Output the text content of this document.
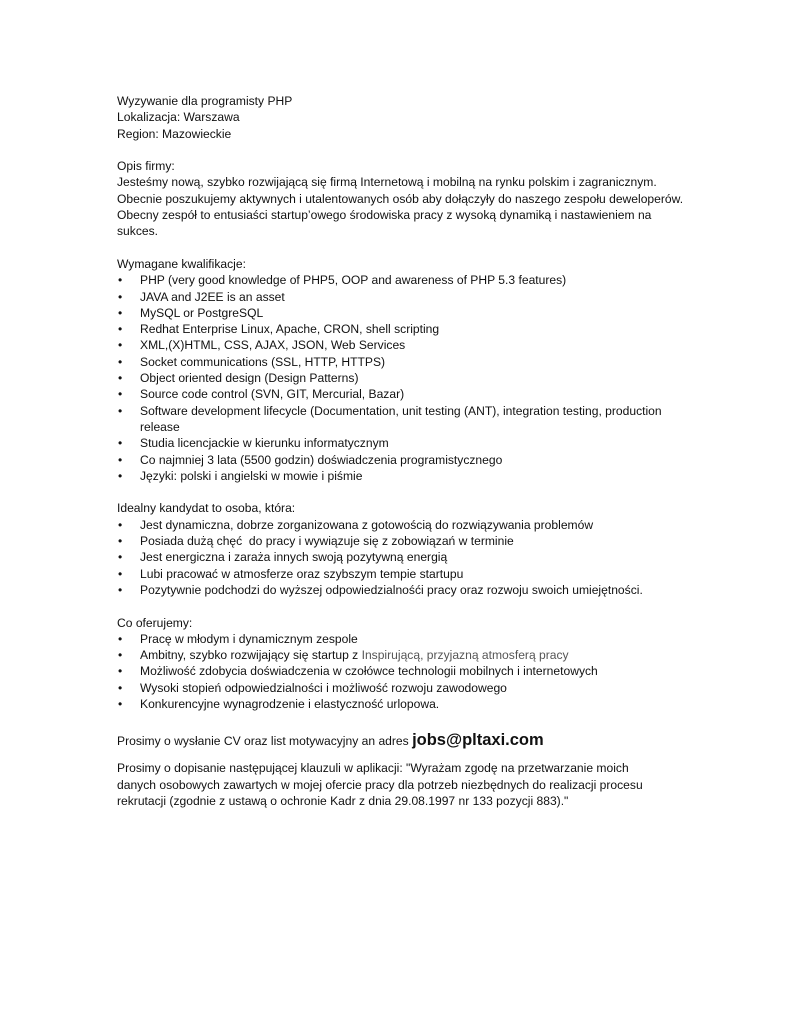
Wyzywanie dla programisty PHP
Lokalizacja: Warszawa
Region: Mazowieckie
Opis firmy:
Jesteśmy nową, szybko rozwijającą się firmą Internetową i mobilną na rynku polskim i zagranicznym.
Obecnie poszukujemy aktywnych i utalentowanych osób aby dołączyły do naszego zespołu deweloperów.
Obecny zespół to entusiaści startup’owego środowiska pracy z wysoką dynamiką i nastawieniem na
sukces.
Wymagane kwalifikacje:
• PHP (very good knowledge of PHP5, OOP and awareness of PHP 5.3 features)
• JAVA and J2EE is an asset
• MySQL or PostgreSQL
• Redhat Enterprise Linux, Apache, CRON, shell scripting
• XML,(X)HTML, CSS, AJAX, JSON, Web Services
• Socket communications (SSL, HTTP, HTTPS)
• Object oriented design (Design Patterns)
• Source code control (SVN, GIT, Mercurial, Bazar)
• Software development lifecycle (Documentation, unit testing (ANT), integration testing, production release
• Studia licencjackie w kierunku informatycznym
• Co najmniej 3 lata (5500 godzin) doświadczenia programistycznego
• Języki: polski i angielski w mowie i piśmie
Idealny kandydat to osoba, która:
• Jest dynamiczna, dobrze zorganizowana z gotowością do rozwiązywania problemów
• Posiada dużą chęć  do pracy i wywiązuje się z zobowiązań w terminie
• Jest energiczna i zaraża innych swoją pozytywną energią
• Lubi pracować w atmosferze oraz szybszym tempie startupu
• Pozytywnie podchodzi do wyższej odpowiedzialnośći pracy oraz rozwoju swoich umiejętności.
Co oferujemy:
• Pracę w młodym i dynamicznym zespole
• Ambitny, szybko rozwijający się startup z Inspirującą, przyjazną atmosferą pracy
• Możliwość zdobycia doświadczenia w czołówce technologii mobilnych i internetowych
• Wysoki stopień odpowiedzialności i możliwość rozwoju zawodowego
• Konkurencyjne wynagrodzenie i elastyczność urlopowa.
Prosimy o wysłanie CV oraz list motywacyjny an adres jobs@pltaxi.com
Prosimy o dopisanie następującej klauzuli w aplikacji: "Wyrażam zgodę na przetwarzanie moich danych osobowych zawartych w mojej ofercie pracy dla potrzeb niezbędnych do realizacji procesu rekrutacji (zgodnie z ustawą o ochronie Kadr z dnia 29.08.1997 nr 133 pozycji 883)."
